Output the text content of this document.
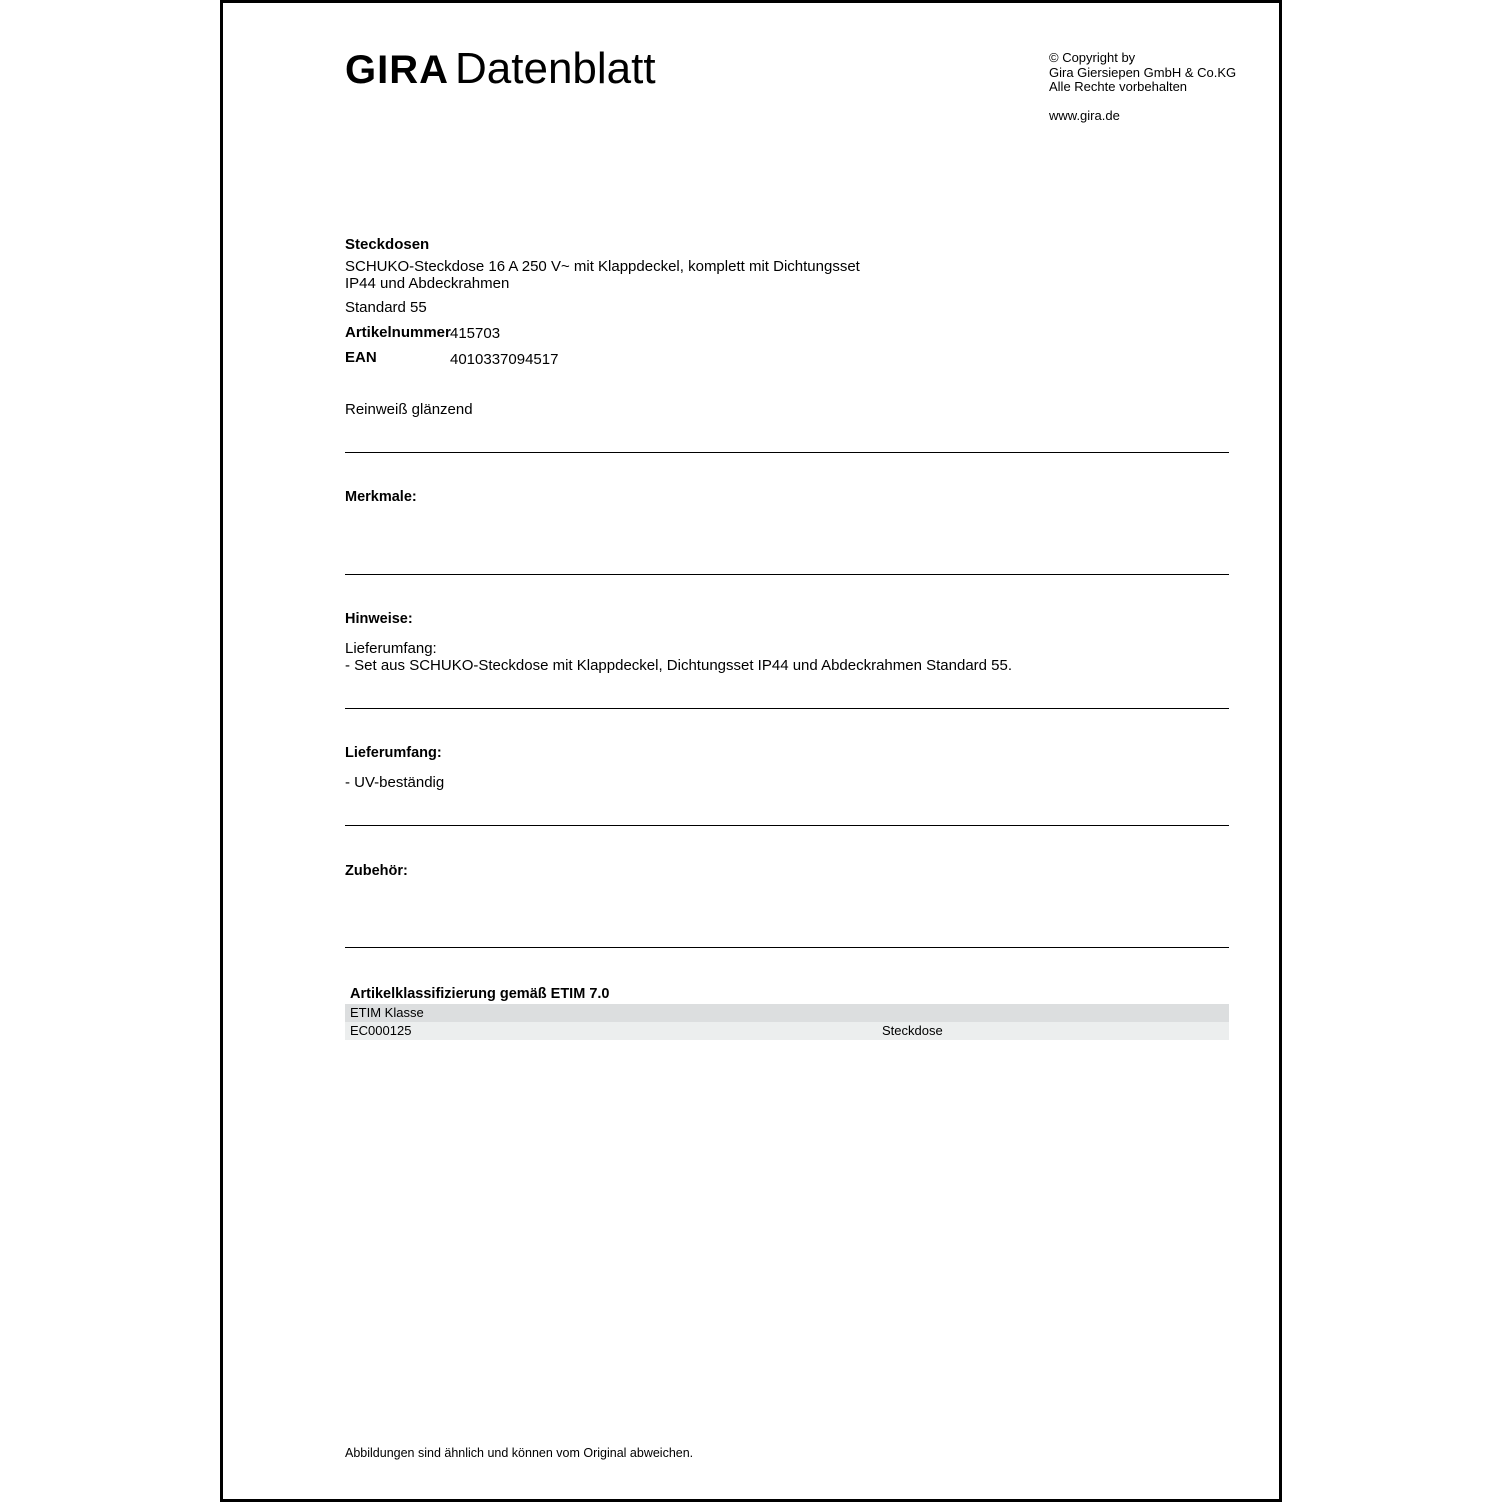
GIRA Datenblatt	© Copyright by
Gira Giersiepen GmbH & Co.KG
Alle Rechte vorbehalten
www.gira.de
Steckdosen
SCHUKO-Steckdose 16 A 250 V~ mit Klappdeckel, komplett mit Dichtungsset
IP44 und Abdeckrahmen
Standard 55
Artikelnummer 415703
EAN	4010337094517
Reinweiß glänzend
Merkmale:
Hinweise:
Lieferumfang:
- Set aus SCHUKO-Steckdose mit Klappdeckel, Dichtungsset IP44 und Abdeckrahmen Standard 55.
Lieferumfang:
- UV-beständig
Zubehör:
Artikelklassifizierung gemäß ETIM 7.0
ETIM Klasse
EC000125	Steckdose
Abbildungen sind ähnlich und können vom Original abweichen.
